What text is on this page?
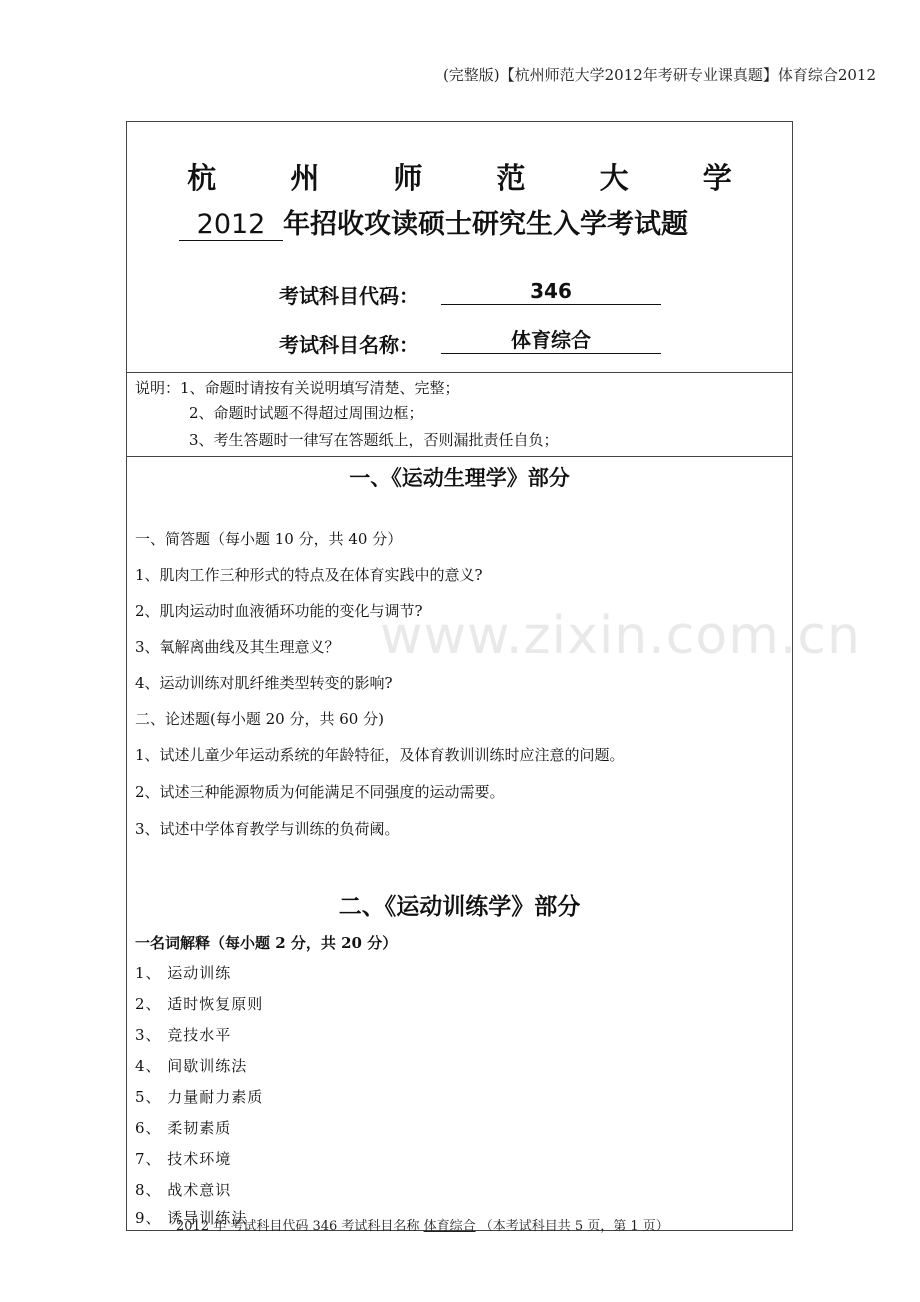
(完整版)【杭州师范大学2012年考研专业课真题】体育综合2012
www.zixin.com.cn
杭 州 师 范 大 学
2012 年招收攻读硕士研究生入学考试题
考试科目代码：	346
考试科目名称：	体育综合
说明：1、命题时请按有关说明填写清楚、完整；
2、命题时试题不得超过周围边框；
3、考生答题时一律写在答题纸上，否则漏批责任自负；
一、《运动生理学》部分
一、简答题（每小题 10 分，共 40 分）
1、肌肉工作三种形式的特点及在体育实践中的意义?
2、肌肉运动时血液循环功能的变化与调节?
3、氧解离曲线及其生理意义？
4、运动训练对肌纤维类型转变的影响?
二、论述题(每小题 20 分，共 60 分)
1、试述儿童少年运动系统的年龄特征，及体育教训训练时应注意的问题。
2、试述三种能源物质为何能满足不同强度的运动需要。
3、试述中学体育教学与训练的负荷阈。
二、《运动训练学》部分
一名词解释（每小题 2 分，共 20 分）
1、 运动训练
2、 适时恢复原则
3、 竞技水平
4、 间歇训练法
5、 力量耐力素质
6、 柔韧素质
7、 技术环境
8、 战术意识
9、 诱导训练法
2012 年 考试科目代码 346 考试科目名称 体育综合 （本考试科目共 5 页，第 1 页）
